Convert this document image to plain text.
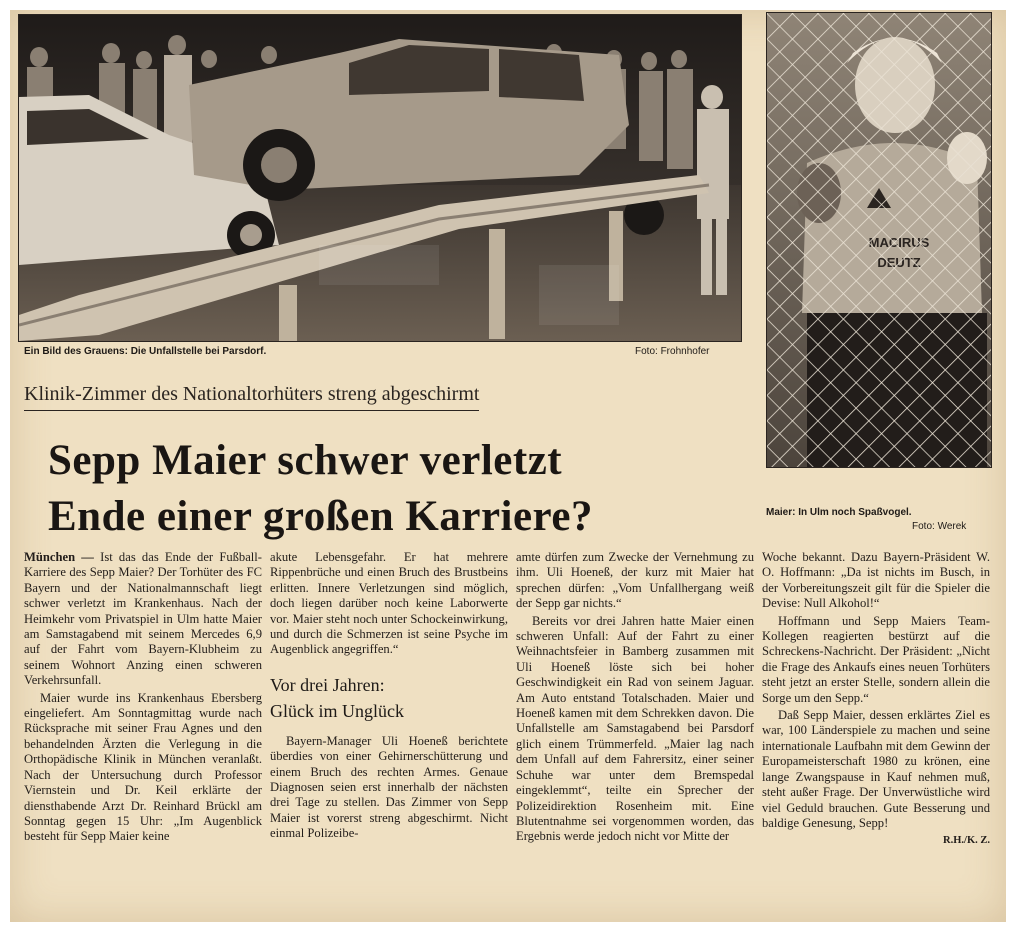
Ein Bild des Grauens: Die Unfallstelle bei Parsdorf.	Foto: Frohnhofer
Maier: In Ulm noch Spaßvogel.
Foto: Werek
Klinik-Zimmer des Nationaltorhüters streng abgeschirmt
Sepp Maier schwer verletzt
Ende einer großen Karriere?

München — Ist das das Ende der Fußball-Karriere des Sepp Maier? Der Torhüter des FC Bayern und der Nationalmannschaft liegt schwer verletzt im Krankenhaus. Nach der Heimkehr vom Privatspiel in Ulm hatte Maier am Samstagabend mit seinem Mercedes 6,9 auf der Fahrt vom Bayern-Klubheim zu seinem Wohnort Anzing einen schweren Verkehrsunfall.

Maier wurde ins Krankenhaus Ebersberg eingeliefert. Am Sonntagmittag wurde nach Rücksprache mit seiner Frau Agnes und den behandelnden Ärzten die Verlegung in die Orthopädische Klinik in München veranlaßt. Nach der Untersuchung durch Professor Viernstein und Dr. Keil erklärte der diensthabende Arzt Dr. Reinhard Brückl am Sonntag gegen 15 Uhr: „Im Augenblick besteht für Sepp Maier keine

akute Lebensgefahr. Er hat mehrere Rippenbrüche und einen Bruch des Brustbeins erlitten. Innere Verletzungen sind möglich, doch liegen darüber noch keine Laborwerte vor. Maier steht noch unter Schockeinwirkung, und durch die Schmerzen ist seine Psyche im Augenblick angegriffen.“

Vor drei Jahren:
Glück im Unglück

Bayern-Manager Uli Hoeneß berichtete überdies von einer Gehirnerschütterung und einem Bruch des rechten Armes. Genaue Diagnosen seien erst innerhalb der nächsten drei Tage zu stellen. Das Zimmer von Sepp Maier ist vorerst streng abgeschirmt. Nicht einmal Polizeibe-

amte dürfen zum Zwecke der Vernehmung zu ihm. Uli Hoeneß, der kurz mit Maier hat sprechen dürfen: „Vom Unfallhergang weiß der Sepp gar nichts.“

Bereits vor drei Jahren hatte Maier einen schweren Unfall: Auf der Fahrt zu einer Weihnachtsfeier in Bamberg zusammen mit Uli Hoeneß löste sich bei hoher Geschwindigkeit ein Rad von seinem Jaguar. Am Auto entstand Totalschaden. Maier und Hoeneß kamen mit dem Schrekken davon. Die Unfallstelle am Samstagabend bei Parsdorf glich einem Trümmerfeld. „Maier lag nach dem Unfall auf dem Fahrersitz, einer seiner Schuhe war unter dem Bremspedal eingeklemmt“, teilte ein Sprecher der Polizeidirektion Rosenheim mit. Eine Blutentnahme sei vorgenommen worden, das Ergebnis werde jedoch nicht vor Mitte der

Woche bekannt. Dazu Bayern-Präsident W. O. Hoffmann: „Da ist nichts im Busch, in der Vorbereitungszeit gilt für die Spieler die Devise: Null Alkohol!“

Hoffmann und Sepp Maiers Team-Kollegen reagierten bestürzt auf die Schreckens-Nachricht. Der Präsident: „Nicht die Frage des Ankaufs eines neuen Torhüters steht jetzt an erster Stelle, sondern allein die Sorge um den Sepp.“

Daß Sepp Maier, dessen erklärtes Ziel es war, 100 Länderspiele zu machen und seine internationale Laufbahn mit dem Gewinn der Europameisterschaft 1980 zu krönen, eine lange Zwangspause in Kauf nehmen muß, steht außer Frage. Der Unverwüstliche wird viel Geduld brauchen. Gute Besserung und baldige Genesung, Sepp!

R.H./K. Z.
